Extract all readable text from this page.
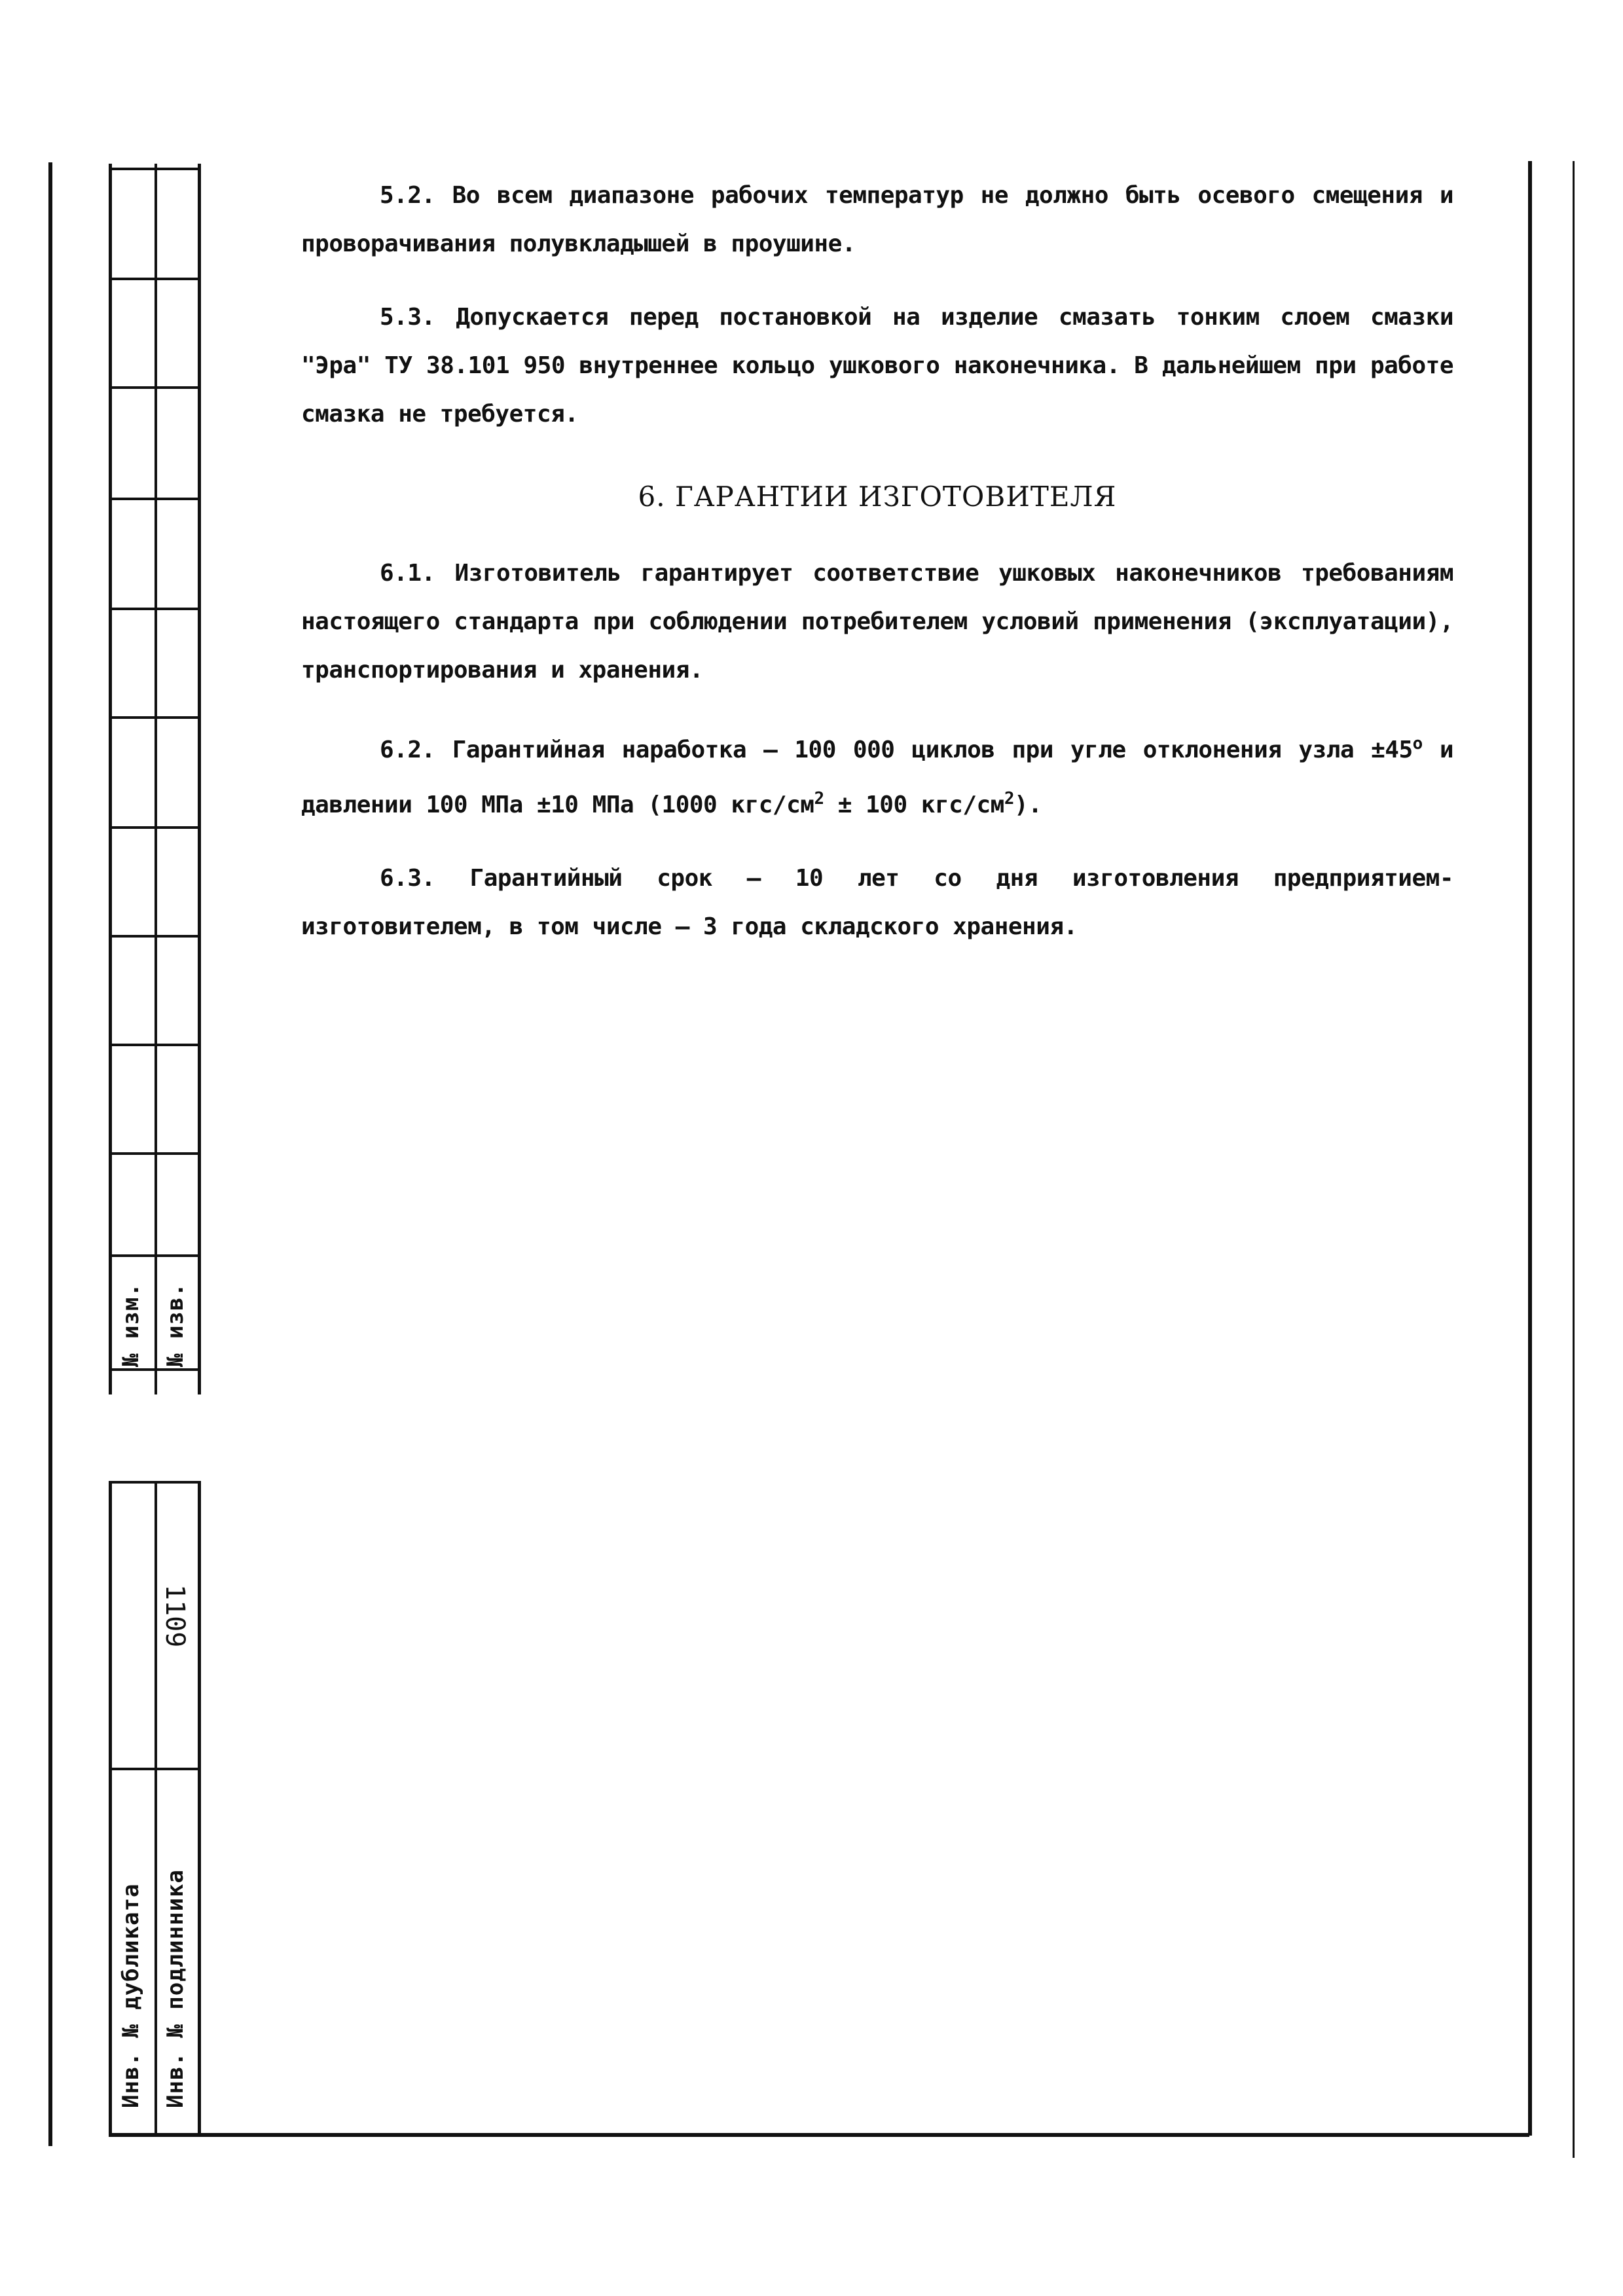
№ изм. № изв.
1109
Инв. № дубликата Инв. № подлинника

5.2. Во всем диапазоне рабочих температур не должно быть осевого смещения и проворачивания полувкладышей в проушине.

5.3. Допускается перед постановкой на изделие смазать тонким слоем смазки "Эра" ТУ 38.101 950 внутреннее кольцо ушкового наконечника. В дальнейшем при работе смазка не требуется.

6. ГАРАНТИИ ИЗГОТОВИТЕЛЯ

6.1. Изготовитель гарантирует соответствие ушковых наконечников требованиям настоящего стандарта при соблюдении потребителем условий применения (эксплуатации), транспортирования и хранения.

6.2. Гарантийная наработка – 100 000 циклов при угле отклонения узла $\pm 45^о$ и давлении 100 МПа ±10 МПа (1000 кгс/$см^2 \pm 100$ кгс/$см^2$).

6.3. Гарантийный срок – 10 лет со дня изготовления предприятием-изготовителем, в том числе – 3 года складского хранения.
